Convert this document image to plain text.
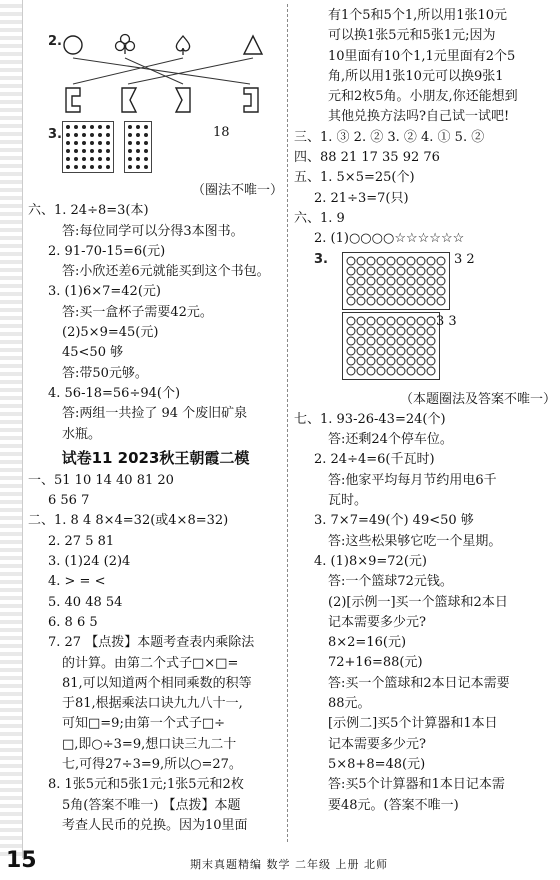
2.
3.
	18
（圈法不唯一）
六、1. 24÷8=3(本)
答:每位同学可以分得3本图书。
2. 91-70-15=6(元)
答:小欣还差6元就能买到这个书包。
3. (1)6×7=42(元)
答:买一盒杯子需要42元。
(2)5×9=45(元)
45<50 够
答:带50元够。
4. 56-18=56÷94(个)
答:两组一共捡了 94 个废旧矿泉
水瓶。
试卷11 2023秋王朝霞二模
一、51 10 14 40 81 20
6 56 7
二、1. 8 4 8×4=32(或4×8=32)
2. 27 5 81
3. (1)24 (2)4
4. > = <
5. 40 48 54
6. 8 6 5
7. 27 【点拨】本题考查表内乘除法
的计算。由第二个式子□×□=
81,可以知道两个相同乘数的积等
于81,根据乘法口诀九九八十一,
可知□=9;由第一个式子□÷
□,即○÷3=9,想口诀三九二十
七,可得27÷3=9,所以○=27。
8. 1张5元和5张1元;1张5元和2枚
5角(答案不唯一) 【点拨】本题
考查人民币的兑换。因为10里面
有1个5和5个1,所以用1张10元
可以换1张5元和5张1元;因为
10里面有10个1,1元里面有2个5
角,所以用1张10元可以换9张1
元和2枚5角。小朋友,你还能想到
其他兑换方法吗?自己试一试吧!
三、1. ③ 2. ② 3. ② 4. ① 5. ②
四、88 21 17 35 92 76
五、1. 5×5=25(个)
2. 21÷3=7(只)
六、1. 9
2. (1)○○○○☆☆☆☆☆☆
3.	3 2
3 3
（本题圈法及答案不唯一）
七、1. 93-26-43=24(个)
答:还剩24个停车位。
2. 24÷4=6(千瓦时)
答:他家平均每月节约用电6千
瓦时。
3. 7×7=49(个) 49<50 够
答:这些松果够它吃一个星期。
4. (1)8×9=72(元)
答:一个篮球72元钱。
(2)[示例一]买一个篮球和2本日
记本需要多少元?
8×2=16(元)
72+16=88(元)
答:买一个篮球和2本日记本需要
88元。
[示例二]买5个计算器和1本日
记本需要多少元?
5×8+8=48(元)
答:买5个计算器和1本日记本需
要48元。(答案不唯一)
15	期末真题精编 数学 二年级 上册 北师
